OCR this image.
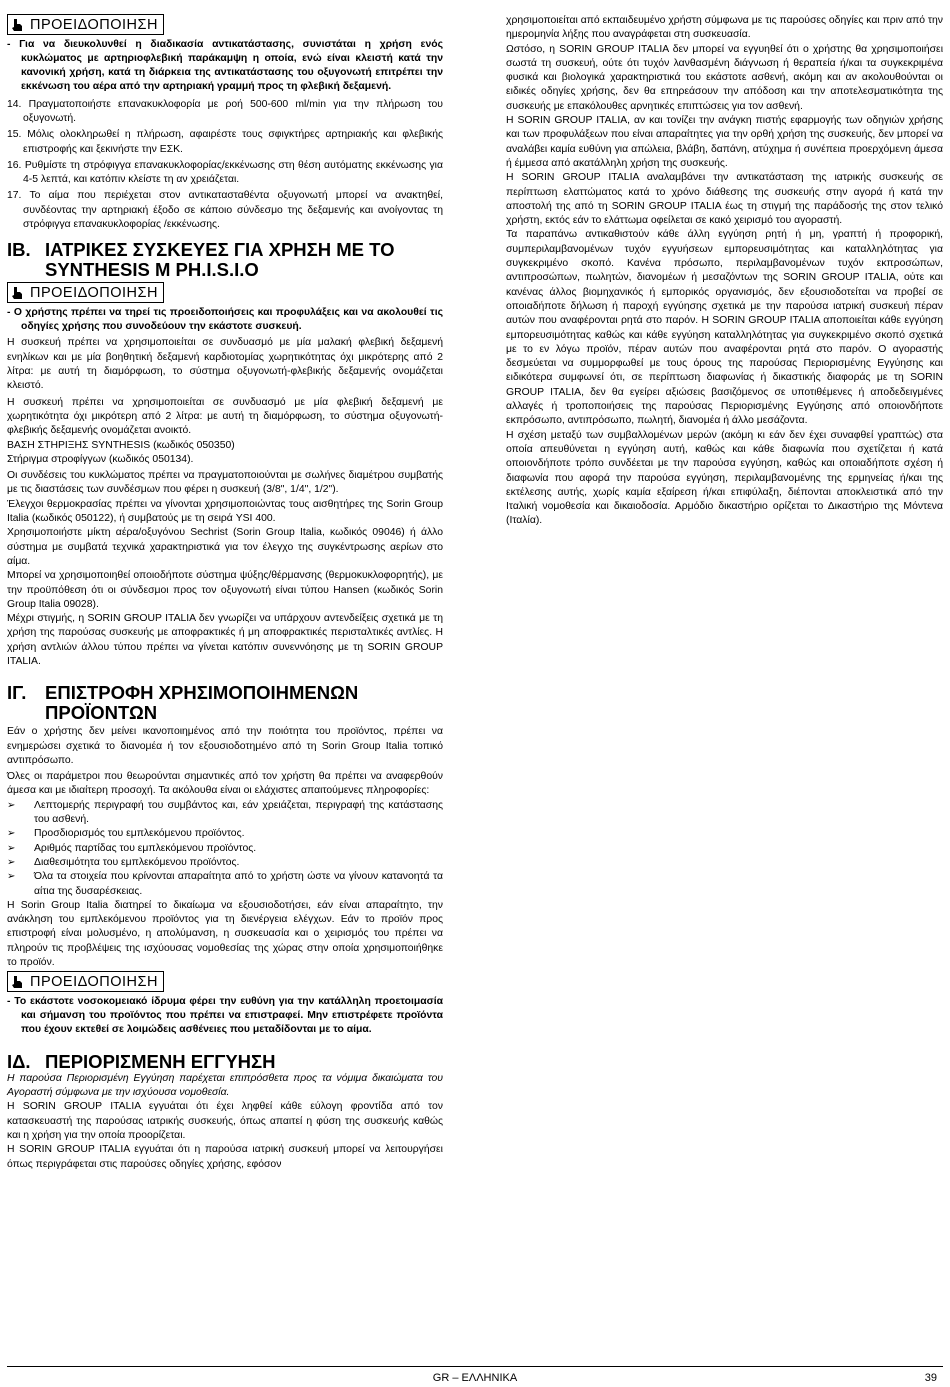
ΠΡΟΕΙΔΟΠΟΙΗΣΗ

- Για να διευκολυνθεί η διαδικασία αντικατάστασης, συνιστάται η χρήση ενός κυκλώματος με αρτηριοφλεβική παράκαμψη η οποία, ενώ είναι κλειστή κατά την κανονική χρήση, κατά τη διάρκεια της αντικατάστασης του οξυγονωτή επιτρέπει την εκκένωση του αέρα από την αρτηριακή γραμμή προς τη φλεβική δεξαμενή.

14. Πραγματοποιήστε επανακυκλοφορία με ροή 500-600 ml/min για την πλήρωση του οξυγονωτή.

15. Μόλις ολοκληρωθεί η πλήρωση, αφαιρέστε τους σφιγκτήρες αρτηριακής και φλεβικής επιστροφής και ξεκινήστε την ΕΣΚ.

16. Ρυθμίστε τη στρόφιγγα επανακυκλοφορίας/εκκένωσης στη θέση αυτόματης εκκένωσης για 4-5 λεπτά, και κατόπιν κλείστε τη αν χρειάζεται.

17. Το αίμα που περιέχεται στον αντικατασταθέντα οξυγονωτή μπορεί να ανακτηθεί, συνδέοντας την αρτηριακή έξοδο σε κάποιο σύνδεσμο της δεξαμενής και ανοίγοντας τη στρόφιγγα επανακυκλοφορίας /εκκένωσης.

ΙΒ. ΙΑΤΡΙΚΕΣ ΣΥΣΚΕΥΕΣ ΓΙΑ ΧΡΗΣΗ ΜΕ ΤΟ SYNTHESIS M PH.I.S.I.O
ΠΡΟΕΙΔΟΠΟΙΗΣΗ

- Ο χρήστης πρέπει να τηρεί τις προειδοποιήσεις και προφυλάξεις και να ακολουθεί τις οδηγίες χρήσης που συνοδεύουν την εκάστοτε συσκευή.

Η συσκευή πρέπει να χρησιμοποιείται σε συνδυασμό με μία μαλακή φλεβική δεξαμενή ενηλίκων και με μία βοηθητική δεξαμενή καρδιοτομίας χωρητικότητας όχι μικρότερης από 2 λίτρα: με αυτή τη διαμόρφωση, το σύστημα οξυγονωτή-φλεβικής δεξαμενής ονομάζεται κλειστό.

Η συσκευή πρέπει να χρησιμοποιείται σε συνδυασμό με μία φλεβική δεξαμενή με χωρητικότητα όχι μικρότερη από 2 λίτρα: με αυτή τη διαμόρφωση, το σύστημα οξυγονωτή-φλεβικής δεξαμενής ονομάζεται ανοικτό.

ΒΑΣΗ ΣΤΗΡΙΞΗΣ SYNTHESIS (κωδικός 050350)

Στήριγμα στροφίγγων (κωδικός 050134).

Οι συνδέσεις του κυκλώματος πρέπει να πραγματοποιούνται με σωλήνες διαμέτρου συμβατής με τις διαστάσεις των συνδέσμων που φέρει η συσκευή (3/8", 1/4", 1/2").

Έλεγχοι θερμοκρασίας πρέπει να γίνονται χρησιμοποιώντας τους αισθητήρες της Sorin Group Italia (κωδικός 050122), ή συμβατούς με τη σειρά YSI 400.

Χρησιμοποιήστε μίκτη αέρα/οξυγόνου Sechrist (Sorin Group Italia, κωδικός 09046) ή άλλο σύστημα με συμβατά τεχνικά χαρακτηριστικά για τον έλεγχο της συγκέντρωσης αερίων στο αίμα.

Μπορεί να χρησιμοποιηθεί οποιοδήποτε σύστημα ψύξης/θέρμανσης (θερμοκυκλοφορητής), με την προϋπόθεση ότι οι σύνδεσμοι προς τον οξυγονωτή είναι τύπου Hansen (κωδικός Sorin Group Italia 09028).

Μέχρι στιγμής, η SORIN GROUP ITALIA δεν γνωρίζει να υπάρχουν αντενδείξεις σχετικά με τη χρήση της παρούσας συσκευής με αποφρακτικές ή μη αποφρακτικές περισταλτικές αντλίες. Η χρήση αντλιών άλλου τύπου πρέπει να γίνεται κατόπιν συνεννόησης με τη SORIN GROUP ITALIA.

ΙΓ.	ΕΠΙΣΤΡΟΦΗ ΧΡΗΣΙΜΟΠΟΙΗΜΕΝΩΝ ΠΡΟΪΟΝΤΩΝ

Εάν ο χρήστης δεν μείνει ικανοποιημένος από την ποιότητα του προϊόντος, πρέπει να ενημερώσει σχετικά το διανομέα ή τον εξουσιοδοτημένο από τη Sorin Group Italia τοπικό αντιπρόσωπο.

Όλες οι παράμετροι που θεωρούνται σημαντικές από τον χρήστη θα πρέπει να αναφερθούν άμεσα και με ιδιαίτερη προσοχή. Τα ακόλουθα είναι οι ελάχιστες απαιτούμενες πληροφορίες:

➢	Λεπτομερής περιγραφή του συμβάντος και, εάν χρειάζεται, περιγραφή της κατάστασης του ασθενή.
➢	Προσδιορισμός του εμπλεκόμενου προϊόντος.
➢	Αριθμός παρτίδας του εμπλεκόμενου προϊόντος.
➢	Διαθεσιμότητα του εμπλεκόμενου προϊόντος.
➢	Όλα τα στοιχεία που κρίνονται απαραίτητα από το χρήστη ώστε να γίνουν κατανοητά τα αίτια της δυσαρέσκειας.

Η Sorin Group Italia διατηρεί το δικαίωμα να εξουσιοδοτήσει, εάν είναι απαραίτητο, την ανάκληση του εμπλεκόμενου προϊόντος για τη διενέργεια ελέγχων. Εάν το προϊόν προς επιστροφή είναι μολυσμένο, η απολύμανση, η συσκευασία και ο χειρισμός του πρέπει να πληρούν τις προβλέψεις της ισχύουσας νομοθεσίας της χώρας στην οποία χρησιμοποιήθηκε το προϊόν.

ΠΡΟΕΙΔΟΠΟΙΗΣΗ

- Το εκάστοτε νοσοκομειακό ίδρυμα φέρει την ευθύνη για την κατάλληλη προετοιμασία και σήμανση του προϊόντος που πρέπει να επιστραφεί. Μην επιστρέφετε προϊόντα που έχουν εκτεθεί σε λοιμώδεις ασθένειες που μεταδίδονται με το αίμα.

ΙΔ. ΠΕΡΙΟΡΙΣΜΕΝΗ ΕΓΓΥΗΣΗ

Η παρούσα Περιορισμένη Εγγύηση παρέχεται επιπρόσθετα προς τα νόμιμα δικαιώματα του Αγοραστή σύμφωνα με την ισχύουσα νομοθεσία.

Η SORIN GROUP ITALIA εγγυάται ότι έχει ληφθεί κάθε εύλογη φροντίδα από τον κατασκευαστή της παρούσας ιατρικής συσκευής, όπως απαιτεί η φύση της συσκευής καθώς και η χρήση για την οποία προορίζεται.

Η SORIN GROUP ITALIA εγγυάται ότι η παρούσα ιατρική συσκευή μπορεί να λειτουργήσει όπως περιγράφεται στις παρούσες οδηγίες χρήσης, εφόσον

χρησιμοποιείται από εκπαιδευμένο χρήστη σύμφωνα με τις παρούσες οδηγίες και πριν από την ημερομηνία λήξης που αναγράφεται στη συσκευασία.

Ωστόσο, η SORIN GROUP ITALIA δεν μπορεί να εγγυηθεί ότι ο χρήστης θα χρησιμοποιήσει σωστά τη συσκευή, ούτε ότι τυχόν λανθασμένη διάγνωση ή θεραπεία ή/και τα συγκεκριμένα φυσικά και βιολογικά χαρακτηριστικά του εκάστοτε ασθενή, ακόμη και αν ακολουθούνται οι ειδικές οδηγίες χρήσης, δεν θα επηρεάσουν την απόδοση και την αποτελεσματικότητα της συσκευής με επακόλουθες αρνητικές επιπτώσεις για τον ασθενή.

Η SORIN GROUP ITALIA, αν και τονίζει την ανάγκη πιστής εφαρμογής των οδηγιών χρήσης και των προφυλάξεων που είναι απαραίτητες για την ορθή χρήση της συσκευής, δεν μπορεί να αναλάβει καμία ευθύνη για απώλεια, βλάβη, δαπάνη, ατύχημα ή συνέπεια προερχόμενη άμεσα ή έμμεσα από ακατάλληλη χρήση της συσκευής.

Η SORIN GROUP ITALIA αναλαμβάνει την αντικατάσταση της ιατρικής συσκευής σε περίπτωση ελαττώματος κατά το χρόνο διάθεσης της συσκευής στην αγορά ή κατά την αποστολή της από τη SORIN GROUP ITALIA έως τη στιγμή της παράδοσής της στον τελικό χρήστη, εκτός εάν το ελάττωμα οφείλεται σε κακό χειρισμό του αγοραστή.

Τα παραπάνω αντικαθιστούν κάθε άλλη εγγύηση ρητή ή μη, γραπτή ή προφορική, συμπεριλαμβανομένων τυχόν εγγυήσεων εμπορευσιμότητας και καταλληλότητας για συγκεκριμένο σκοπό. Κανένα πρόσωπο, περιλαμβανομένων τυχόν εκπροσώπων, αντιπροσώπων, πωλητών, διανομέων ή μεσαζόντων της SORIN GROUP ITALIA, ούτε και κανένας άλλος βιομηχανικός ή εμπορικός οργανισμός, δεν εξουσιοδοτείται να προβεί σε οποιαδήποτε δήλωση ή παροχή εγγύησης σχετικά με την παρούσα ιατρική συσκευή πέραν αυτών που αναφέρονται ρητά στο παρόν. Η SORIN GROUP ITALIA αποποιείται κάθε εγγύηση εμπορευσιμότητας καθώς και κάθε εγγύηση καταλληλότητας για συγκεκριμένο σκοπό σχετικά με το εν λόγω προϊόν, πέραν αυτών που αναφέρονται ρητά στο παρόν. Ο αγοραστής δεσμεύεται να συμμορφωθεί με τους όρους της παρούσας Περιορισμένης Εγγύησης και ειδικότερα συμφωνεί ότι, σε περίπτωση διαφωνίας ή δικαστικής διαφοράς με τη SORIN GROUP ITALIA, δεν θα εγείρει αξιώσεις βασιζόμενος σε υποτιθέμενες ή αποδεδειγμένες αλλαγές ή τροποποιήσεις της παρούσας Περιορισμένης Εγγύησης από οποιονδήποτε εκπρόσωπο, αντιπρόσωπο, πωλητή, διανομέα ή άλλο μεσάζοντα.

Η σχέση μεταξύ των συμβαλλομένων μερών (ακόμη κι εάν δεν έχει συναφθεί γραπτώς) στα οποία απευθύνεται η εγγύηση αυτή, καθώς και κάθε διαφωνία που σχετίζεται ή κατά οποιονδήποτε τρόπο συνδέεται με την παρούσα εγγύηση, καθώς και οποιαδήποτε σχέση ή διαφωνία που αφορά την παρούσα εγγύηση, περιλαμβανομένης της ερμηνείας ή/και της εκτέλεσης αυτής, χωρίς καμία εξαίρεση ή/και επιφύλαξη, διέπονται αποκλειστικά από την Ιταλική νομοθεσία και δικαιοδοσία. Αρμόδιο δικαστήριο ορίζεται το Δικαστήριο της Μόντενα (Ιταλία).

GR – ΕΛΛΗΝΙΚΑ	39
